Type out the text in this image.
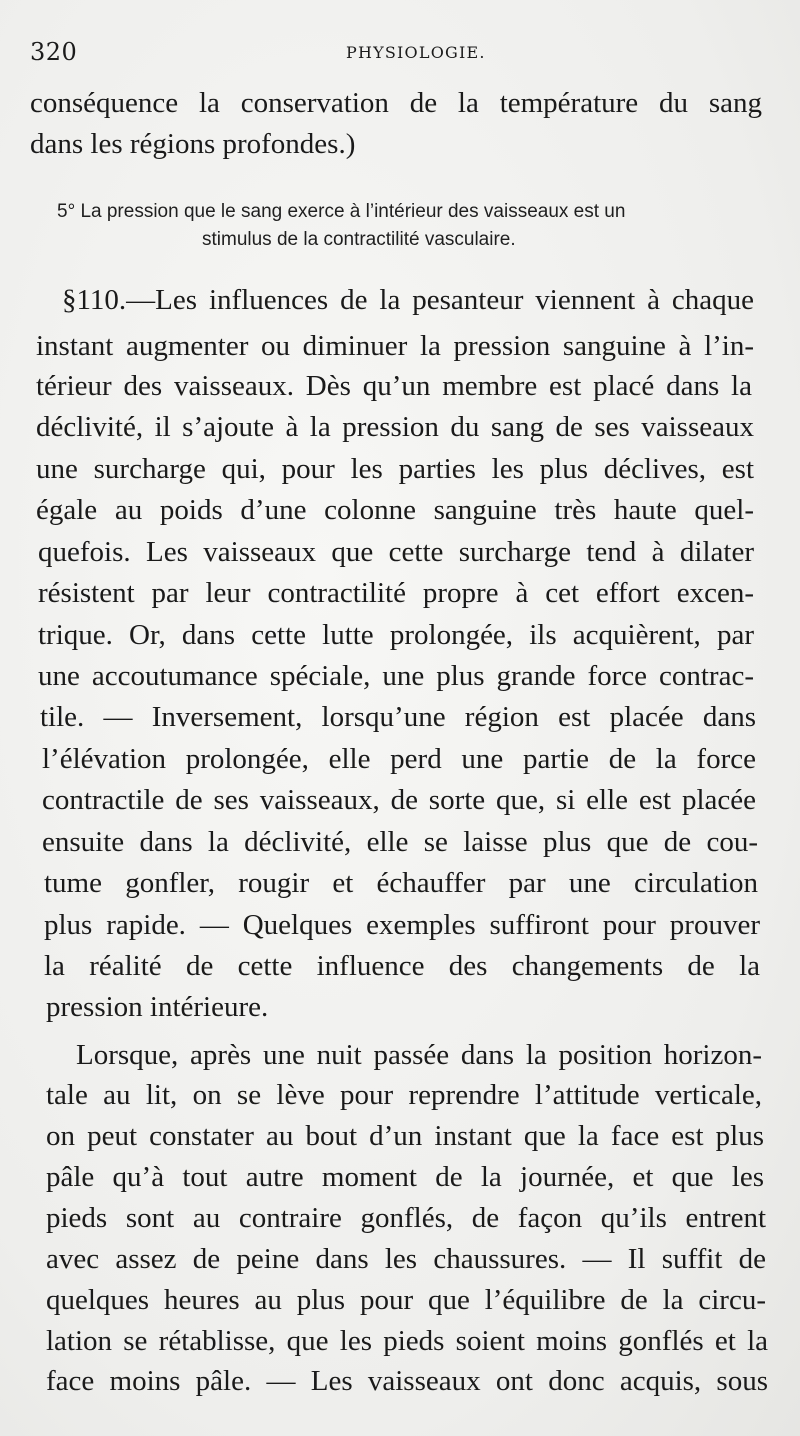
320	PHYSIOLOGIE.
conséquence la conservation de la température du sang
dans les régions profondes.)
5° La pression que le sang exerce à l’intérieur des vaisseaux est un
stimulus de la contractilité vasculaire.
§110.—Les influences de la pesanteur viennent à chaque
instant augmenter ou diminuer la pression sanguine à l’in-
térieur des vaisseaux. Dès qu’un membre est placé dans la
déclivité, il s’ajoute à la pression du sang de ses vaisseaux
une surcharge qui, pour les parties les plus déclives, est
égale au poids d’une colonne sanguine très haute quel-
quefois. Les vaisseaux que cette surcharge tend à dilater
résistent par leur contractilité propre à cet effort excen-
trique. Or, dans cette lutte prolongée, ils acquièrent, par
une accoutumance spéciale, une plus grande force contrac-
tile. — Inversement, lorsqu’une région est placée dans
l’élévation prolongée, elle perd une partie de la force
contractile de ses vaisseaux, de sorte que, si elle est placée
ensuite dans la déclivité, elle se laisse plus que de cou-
tume gonfler, rougir et échauffer par une circulation
plus rapide. — Quelques exemples suffiront pour prouver
la réalité de cette influence des changements de la
pression intérieure.
Lorsque, après une nuit passée dans la position horizon-
tale au lit, on se lève pour reprendre l’attitude verticale,
on peut constater au bout d’un instant que la face est plus
pâle qu’à tout autre moment de la journée, et que les
pieds sont au contraire gonflés, de façon qu’ils entrent
avec assez de peine dans les chaussures. — Il suffit de
quelques heures au plus pour que l’équilibre de la circu-
lation se rétablisse, que les pieds soient moins gonflés et la
face moins pâle. — Les vaisseaux ont donc acquis, sous
